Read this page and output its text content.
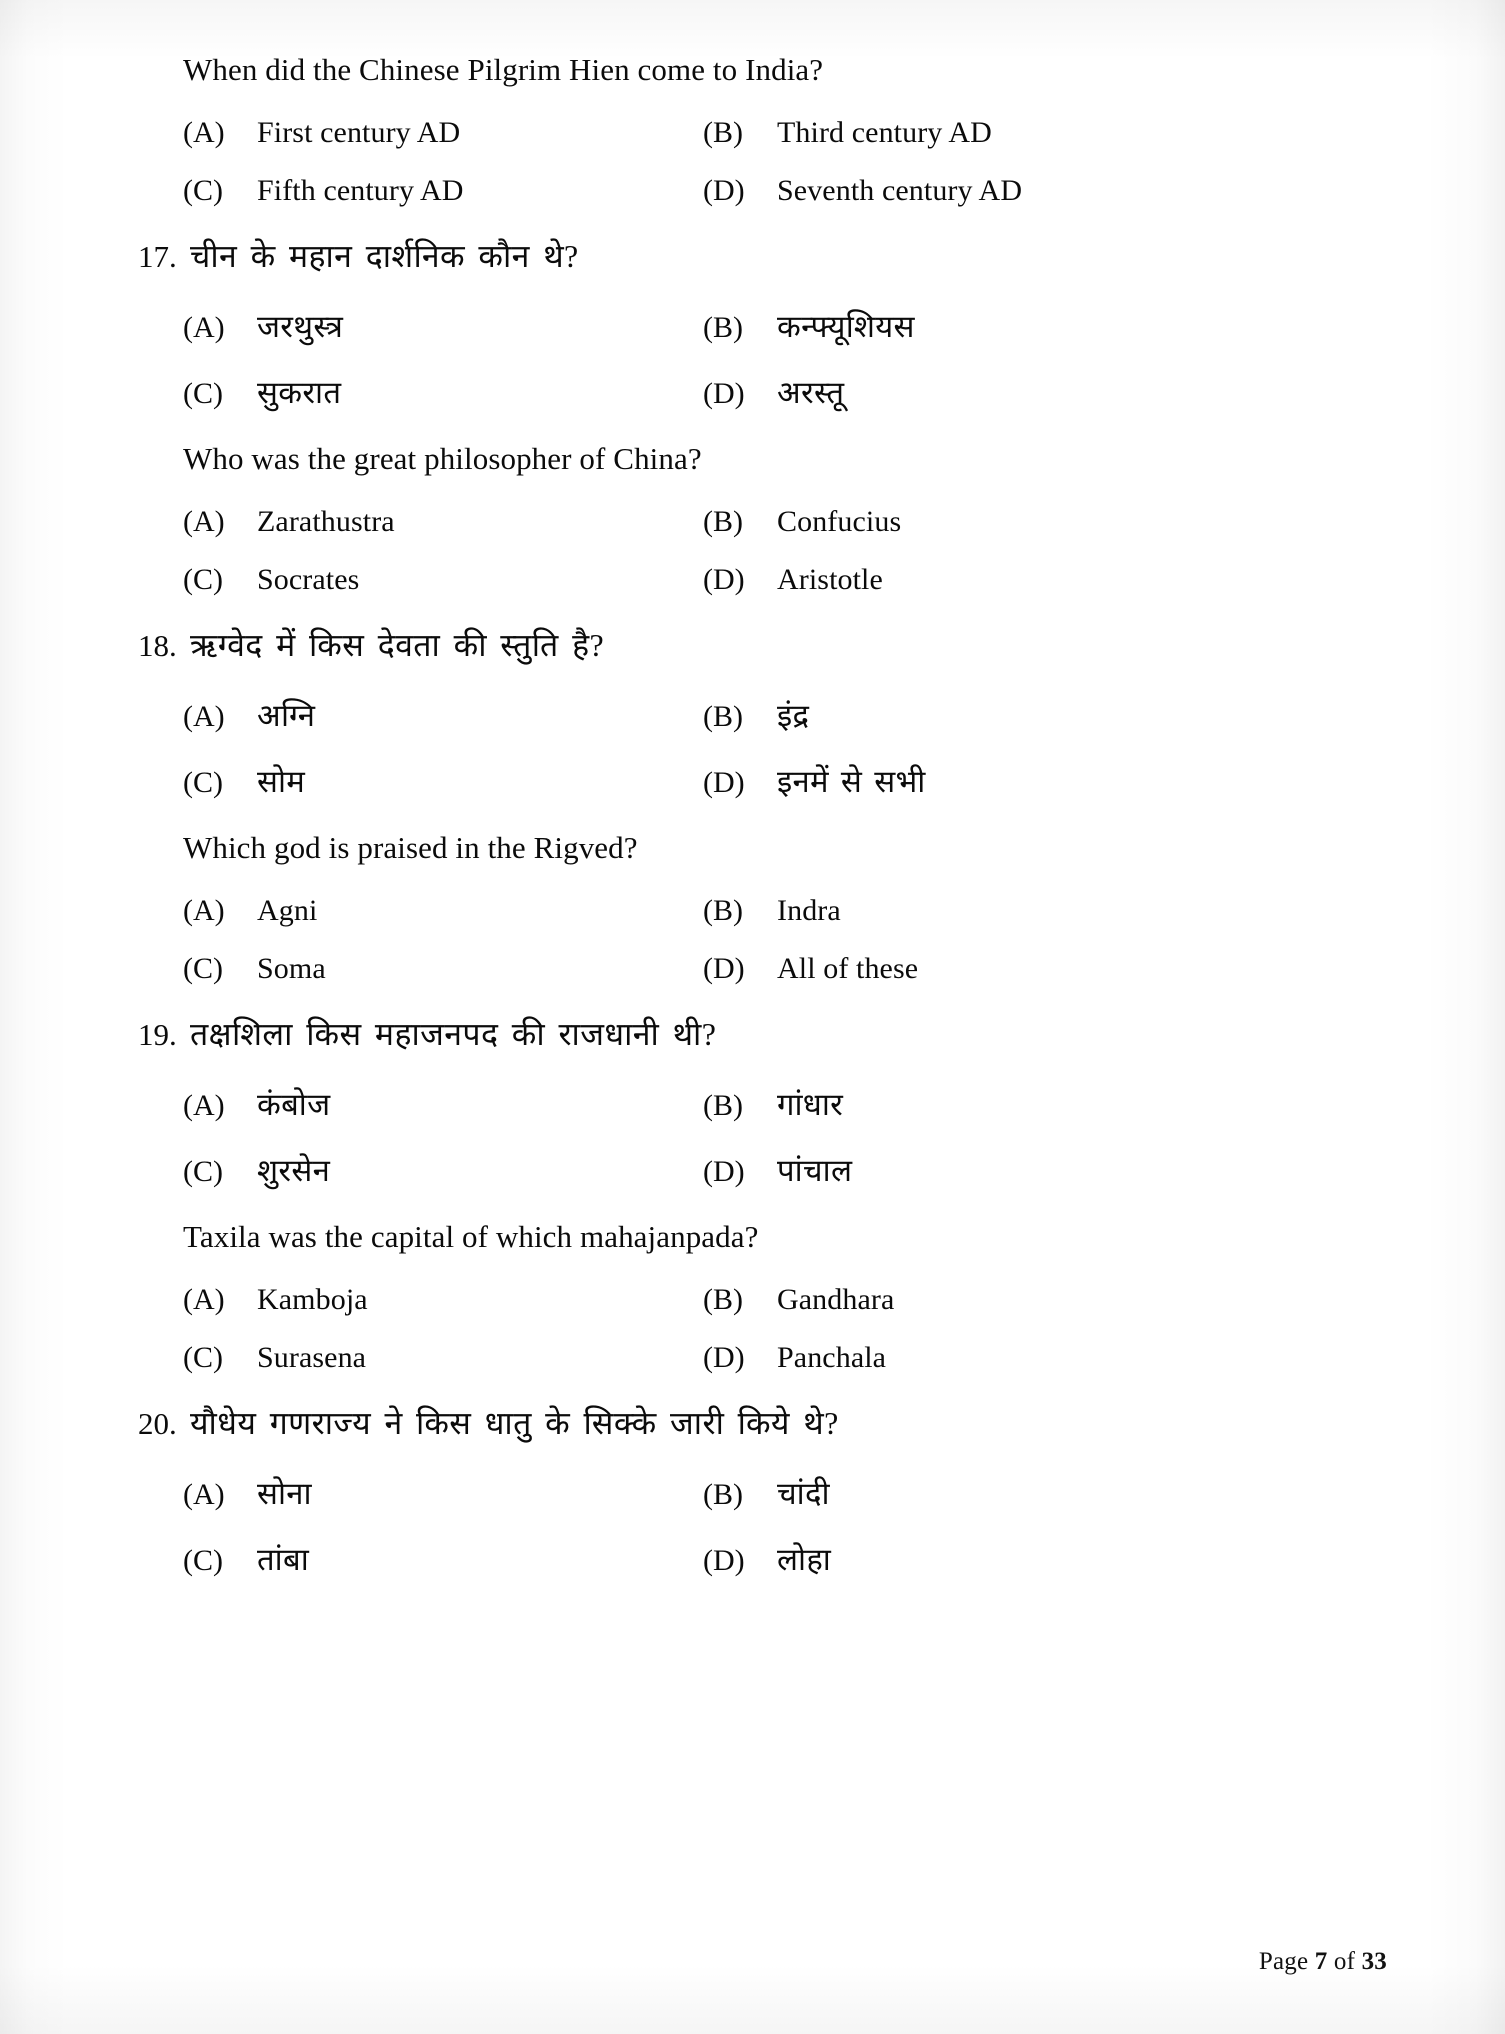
When did the Chinese Pilgrim Hien come to India?
(A)	First century AD	(B)	Third century AD
(C)	Fifth century AD	(D)	Seventh century AD
17. चीन के महान दार्शनिक कौन थे?
(A)	जरथुस्त्र	(B)	कन्फ्यूशियस
(C)	सुकरात	(D)	अरस्तू
Who was the great philosopher of China?
(A)	Zarathustra	(B)	Confucius
(C)	Socrates	(D)	Aristotle
18. ऋग्वेद में किस देवता की स्तुति है?
(A)	अग्नि	(B)	इंद्र
(C)	सोम	(D)	इनमें से सभी
Which god is praised in the Rigved?
(A)	Agni	(B)	Indra
(C)	Soma	(D)	All of these
19. तक्षशिला किस महाजनपद की राजधानी थी?
(A)	कंबोज	(B)	गांधार
(C)	शुरसेन	(D)	पांचाल
Taxila was the capital of which mahajanpada?
(A)	Kamboja	(B)	Gandhara
(C)	Surasena	(D)	Panchala
20. यौधेय गणराज्य ने किस धातु के सिक्के जारी किये थे?
(A)	सोना	(B)	चांदी
(C)	तांबा	(D)	लोहा
Page 7 of 33
